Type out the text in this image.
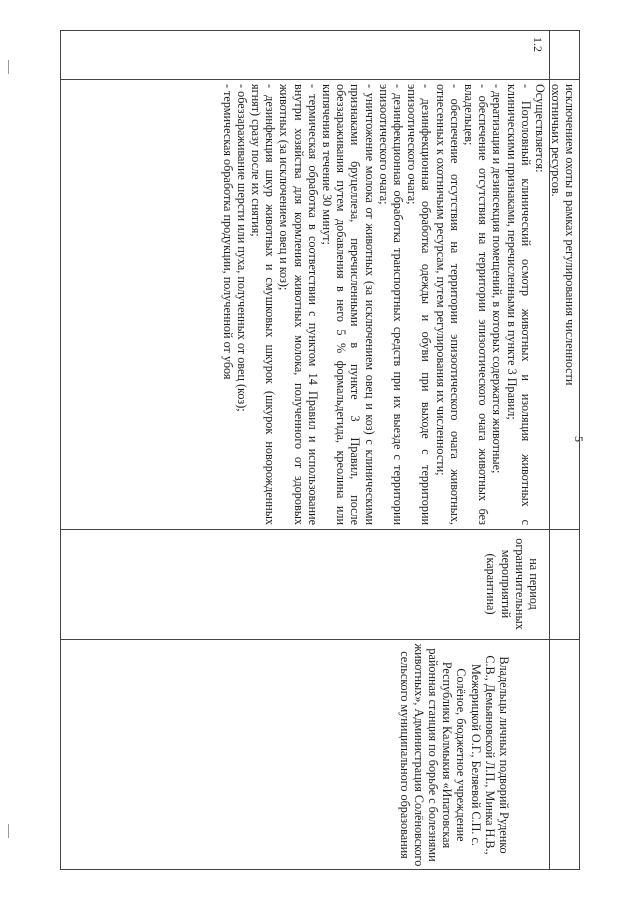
исключением охоты в рамках регулирования численности

охотничьих ресурсов.

1.2

Осуществляется:

- Поголовный клинический осмотр животных и изоляция животных с клиническими признаками, перечисленными в пункте 3 Правил;

- дератизация и дезинсекция помещений, в которых содержатся животные;

- обеспечение отсутствия на территории эпизоотического очага животных без владельцев;

- обеспечение отсутствия на территории эпизоотического очага животных, отнесенных к охотничьим ресурсам, путем регулирования их численности;

- дезинфекционная обработка одежды и обуви при выходе с территории эпизоотического очага;

- дезинфекционная обработка транспортных средств при их выезде с территории эпизоотического очага;

- уничтожение молока от животных (за исключением овец и коз) с клиническими признаками бруцеллеза, перечисленными в пункте 3 Правил, после обеззараживания путем добавления в него 5 % формальдегида, креолина или кипячения в течение 30 минут;

- термическая обработка в соответствии с пунктом 14 Правил и использование внутри хозяйства для кормления животных молока, полученного от здоровых животных (за исключением овец и коз);

- дезинфекция шкур животных и смушковых шкурок (шкурок новорожденных ягнят) сразу после их снятия;

- обеззараживание шерсти или пуха, полученных от овец (коз);

- термическая обработка продукции, полученной от убоя

на период ограничительных мероприятий (карантина)
Владельцы личных подворий Руденко С.В., Демьяновской Л.П., Минка Н.В., Межерицкой О.Г., Беляевой С.П. с. Солёное, бюджетное учреждение Республики Калмыкия «Ипатовская районная станция по борьбе с болезнями животных», Администрация Солёновского сельского муниципального образования
5
